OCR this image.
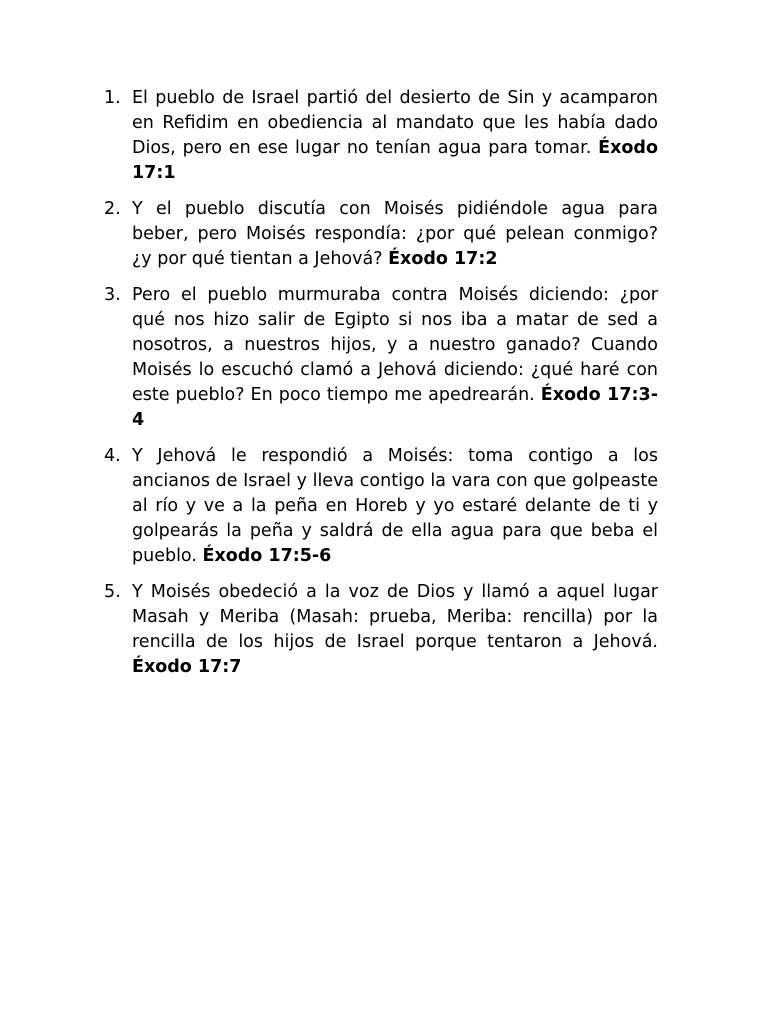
1. El pueblo de Israel partió del desierto de Sin y acamparon en Refidim en obediencia al mandato que les había dado Dios, pero en ese lugar no tenían agua para tomar. Éxodo 17:1
2. Y el pueblo discutía con Moisés pidiéndole agua para beber, pero Moisés respondía: ¿por qué pelean conmigo? ¿y por qué tientan a Jehová? Éxodo 17:2
3. Pero el pueblo murmuraba contra Moisés diciendo: ¿por qué nos hizo salir de Egipto si nos iba a matar de sed a nosotros, a nuestros hijos, y a nuestro ganado? Cuando Moisés lo escuchó clamó a Jehová diciendo: ¿qué haré con este pueblo? En poco tiempo me apedrearán. Éxodo 17:3-4
4. Y Jehová le respondió a Moisés: toma contigo a los ancianos de Israel y lleva contigo la vara con que golpeaste al río y ve a la peña en Horeb y yo estaré delante de ti y golpearás la peña y saldrá de ella agua para que beba el pueblo. Éxodo 17:5-6
5. Y Moisés obedeció a la voz de Dios y llamó a aquel lugar Masah y Meriba (Masah: prueba, Meriba: rencilla) por la rencilla de los hijos de Israel porque tentaron a Jehová. Éxodo 17:7
